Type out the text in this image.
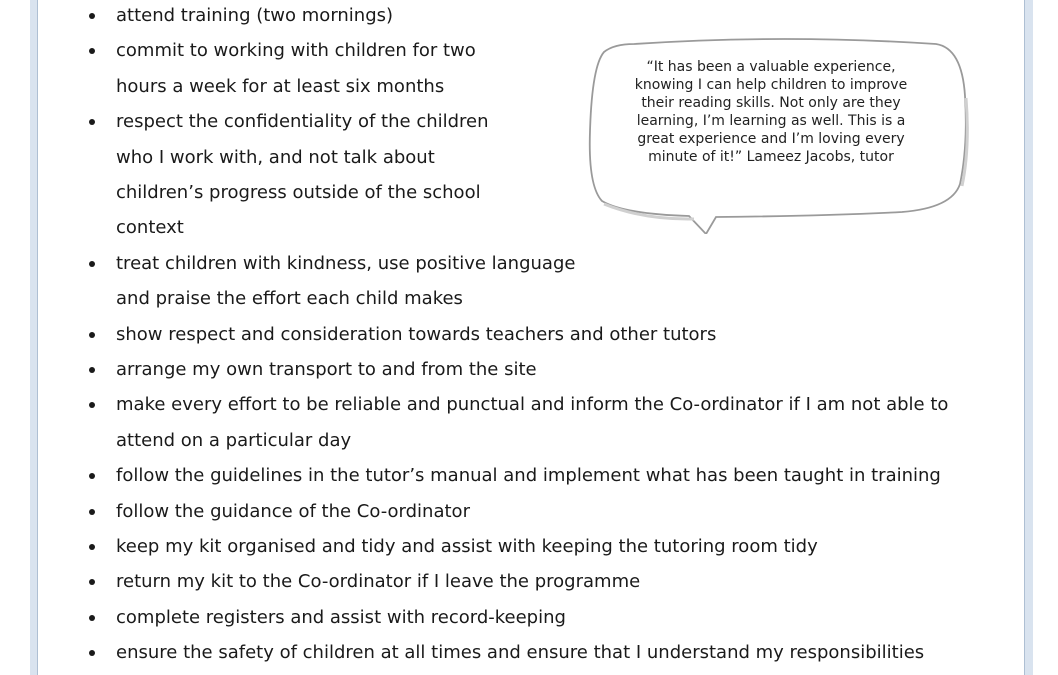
attend training (two mornings)
commit to working with children for two
hours a week for at least six months
respect the confidentiality of the children
who I work with, and not talk about
children’s progress outside of the school
context
treat children with kindness, use positive language
and praise the effort each child makes
show respect and consideration towards teachers and other tutors
arrange my own transport to and from the site
make every effort to be reliable and punctual and inform the Co-ordinator if I am not able to
attend on a particular day
follow the guidelines in the tutor’s manual and implement what has been taught in training
follow the guidance of the Co-ordinator
keep my kit organised and tidy and assist with keeping the tutoring room tidy
return my kit to the Co-ordinator if I leave the programme
complete registers and assist with record-keeping
ensure the safety of children at all times and ensure that I understand my responsibilities
“It has been a valuable experience,
knowing I can help children to improve
their reading skills. Not only are they
learning, I’m learning as well. This is a
great experience and I’m loving every
minute of it!” Lameez Jacobs, tutor
